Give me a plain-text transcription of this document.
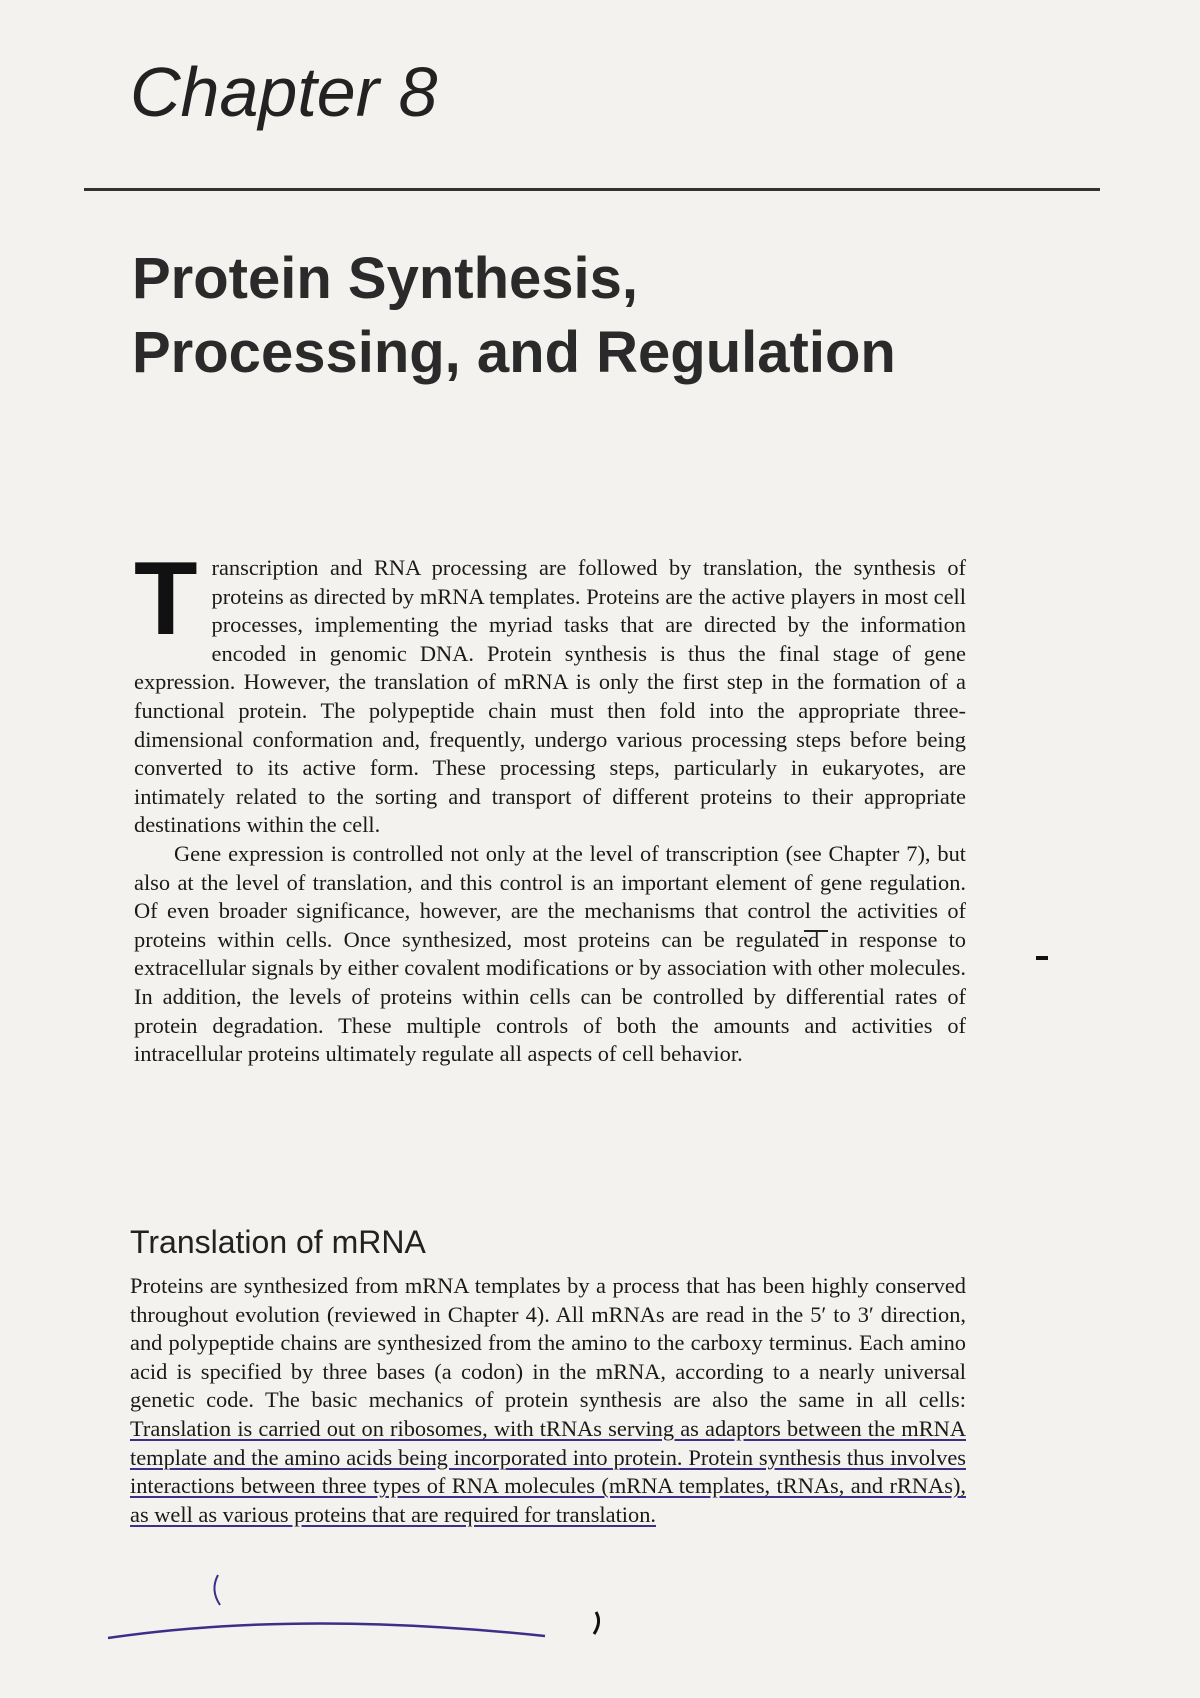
Chapter 8
Protein Synthesis,
Processing, and Regulation

Transcription and RNA processing are followed by translation, the synthesis of proteins as directed by mRNA templates. Proteins are the active players in most cell processes, implementing the myriad tasks that are directed by the information encoded in genomic DNA. Protein synthesis is thus the final stage of gene expression. However, the translation of mRNA is only the first step in the formation of a functional protein. The polypeptide chain must then fold into the appropriate three-dimensional conformation and, frequently, undergo various processing steps before being converted to its active form. These processing steps, particularly in eukaryotes, are intimately related to the sorting and transport of different proteins to their appropriate destinations within the cell.

Gene expression is controlled not only at the level of transcription (see Chapter 7), but also at the level of translation, and this control is an important element of gene regulation. Of even broader significance, however, are the mechanisms that control the activities of proteins within cells. Once synthesized, most proteins can be regulated in response to extracellular signals by either covalent modifications or by association with other molecules. In addition, the levels of proteins within cells can be controlled by differential rates of protein degradation. These multiple controls of both the amounts and activities of intracellular proteins ultimately regulate all aspects of cell behavior.

Translation of mRNA

Proteins are synthesized from mRNA templates by a process that has been highly conserved throughout evolution (reviewed in Chapter 4). All mRNAs are read in the 5′ to 3′ direction, and polypeptide chains are synthesized from the amino to the carboxy terminus. Each amino acid is specified by three bases (a codon) in the mRNA, according to a nearly universal genetic code. The basic mechanics of protein synthesis are also the same in all cells: Translation is carried out on ribosomes, with tRNAs serving as adaptors between the mRNA template and the amino acids being incorporated into protein. Protein synthesis thus involves interactions between three types of RNA molecules (mRNA templates, tRNAs, and rRNAs), as well as various proteins that are required for translation.
